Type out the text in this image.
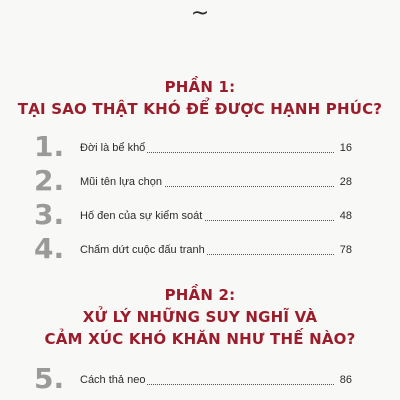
~
PHẦN 1:
TẠI SAO THẬT KHÓ ĐỂ ĐƯỢC HẠNH PHÚC?
1. Đời là bể khổ	16
2. Mũi tên lựa chọn	28
3. Hố đen của sự kiểm soát	48
4. Chấm dứt cuộc đấu tranh	78
PHẦN 2:
XỬ LÝ NHỮNG SUY NGHĨ VÀ
CẢM XÚC KHÓ KHĂN NHƯ THẾ NÀO?
5. Cách thả neo	86
